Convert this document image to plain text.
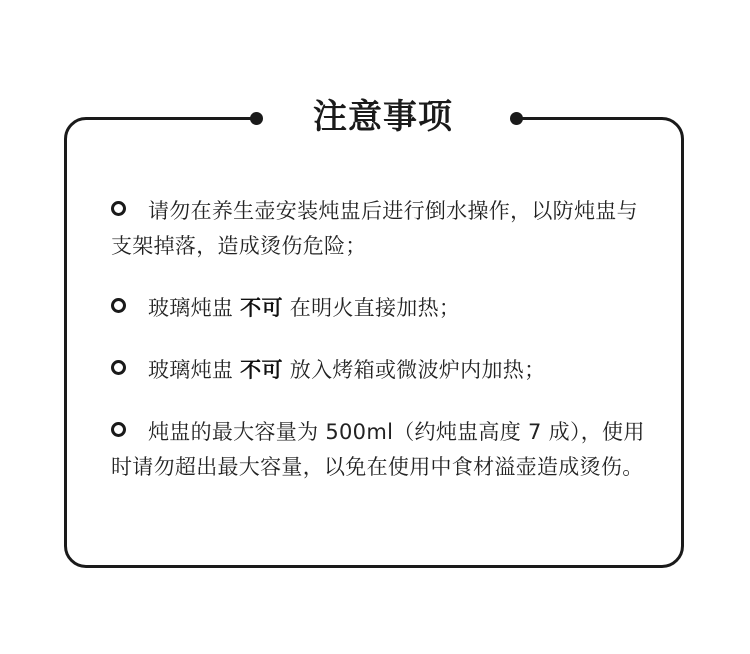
注意事项
请勿在养生壶安装炖盅后进行倒水操作，以防炖盅与支架掉落，造成烫伤危险；
玻璃炖盅 不可 在明火直接加热；
玻璃炖盅 不可 放入烤箱或微波炉内加热；
炖盅的最大容量为 500ml（约炖盅高度 7 成），使用时请勿超出最大容量，以免在使用中食材溢壶造成烫伤。
